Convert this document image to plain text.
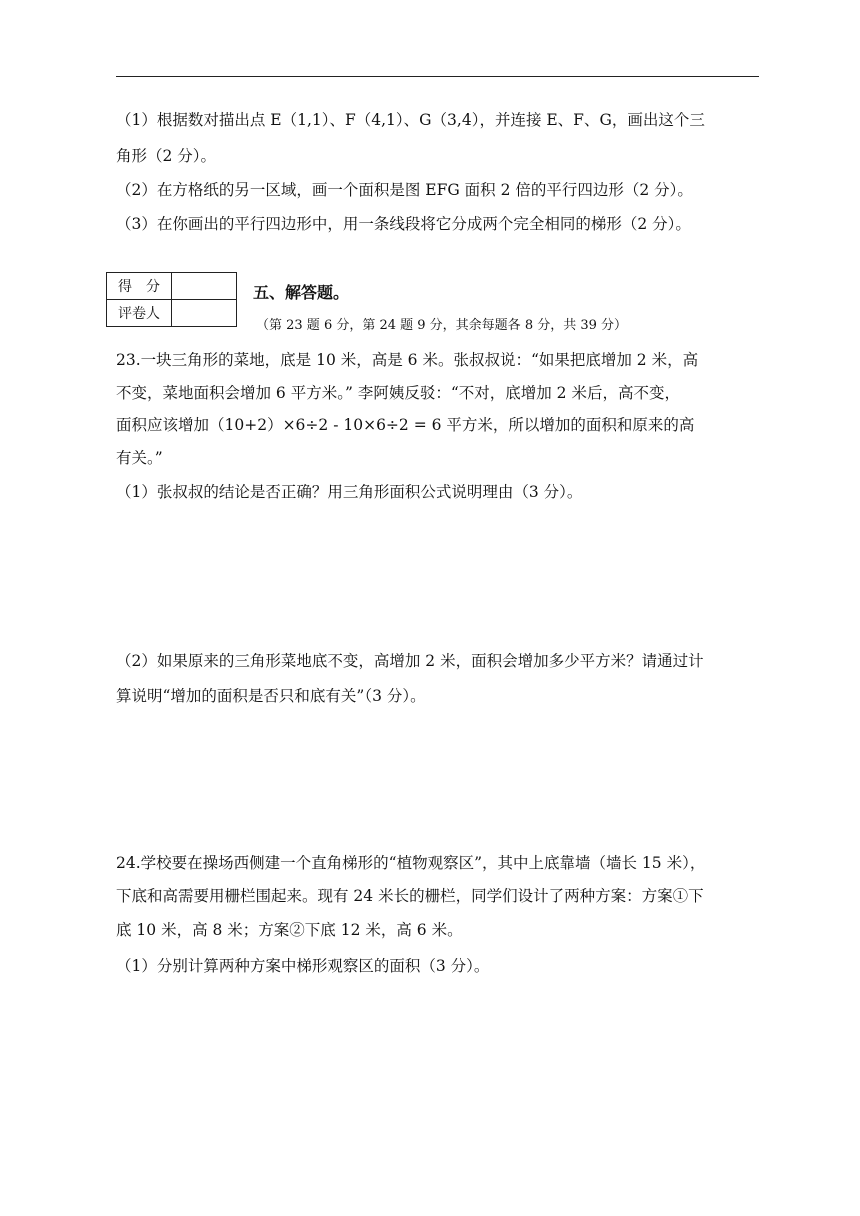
（1）根据数对描出点 E（1,1）、F（4,1）、G（3,4），并连接 E、F、G，画出这个三
角形（2 分）。
（2）在方格纸的另一区域，画一个面积是图 EFG 面积 2 倍的平行四边形（2 分）。
（3）在你画出的平行四边形中，用一条线段将它分成两个完全相同的梯形（2 分）。
得　分	
评卷人	
五、解答题。
（第 23 题 6 分，第 24 题 9 分，其余每题各 8 分，共 39 分）
23.一块三角形的菜地，底是 10 米，高是 6 米。张叔叔说：“如果把底增加 2 米，高
不变，菜地面积会增加 6 平方米。” 李阿姨反驳：“不对，底增加 2 米后，高不变，
面积应该增加（10+2）×6÷2 - 10×6÷2 = 6 平方米，所以增加的面积和原来的高
有关。”
（1）张叔叔的结论是否正确？用三角形面积公式说明理由（3 分）。
（2）如果原来的三角形菜地底不变，高增加 2 米，面积会增加多少平方米？请通过计
算说明“增加的面积是否只和底有关”（3 分）。
24.学校要在操场西侧建一个直角梯形的“植物观察区”，其中上底靠墙（墙长 15 米），
下底和高需要用栅栏围起来。现有 24 米长的栅栏，同学们设计了两种方案：方案①下
底 10 米，高 8 米；方案②下底 12 米，高 6 米。
（1）分别计算两种方案中梯形观察区的面积（3 分）。
